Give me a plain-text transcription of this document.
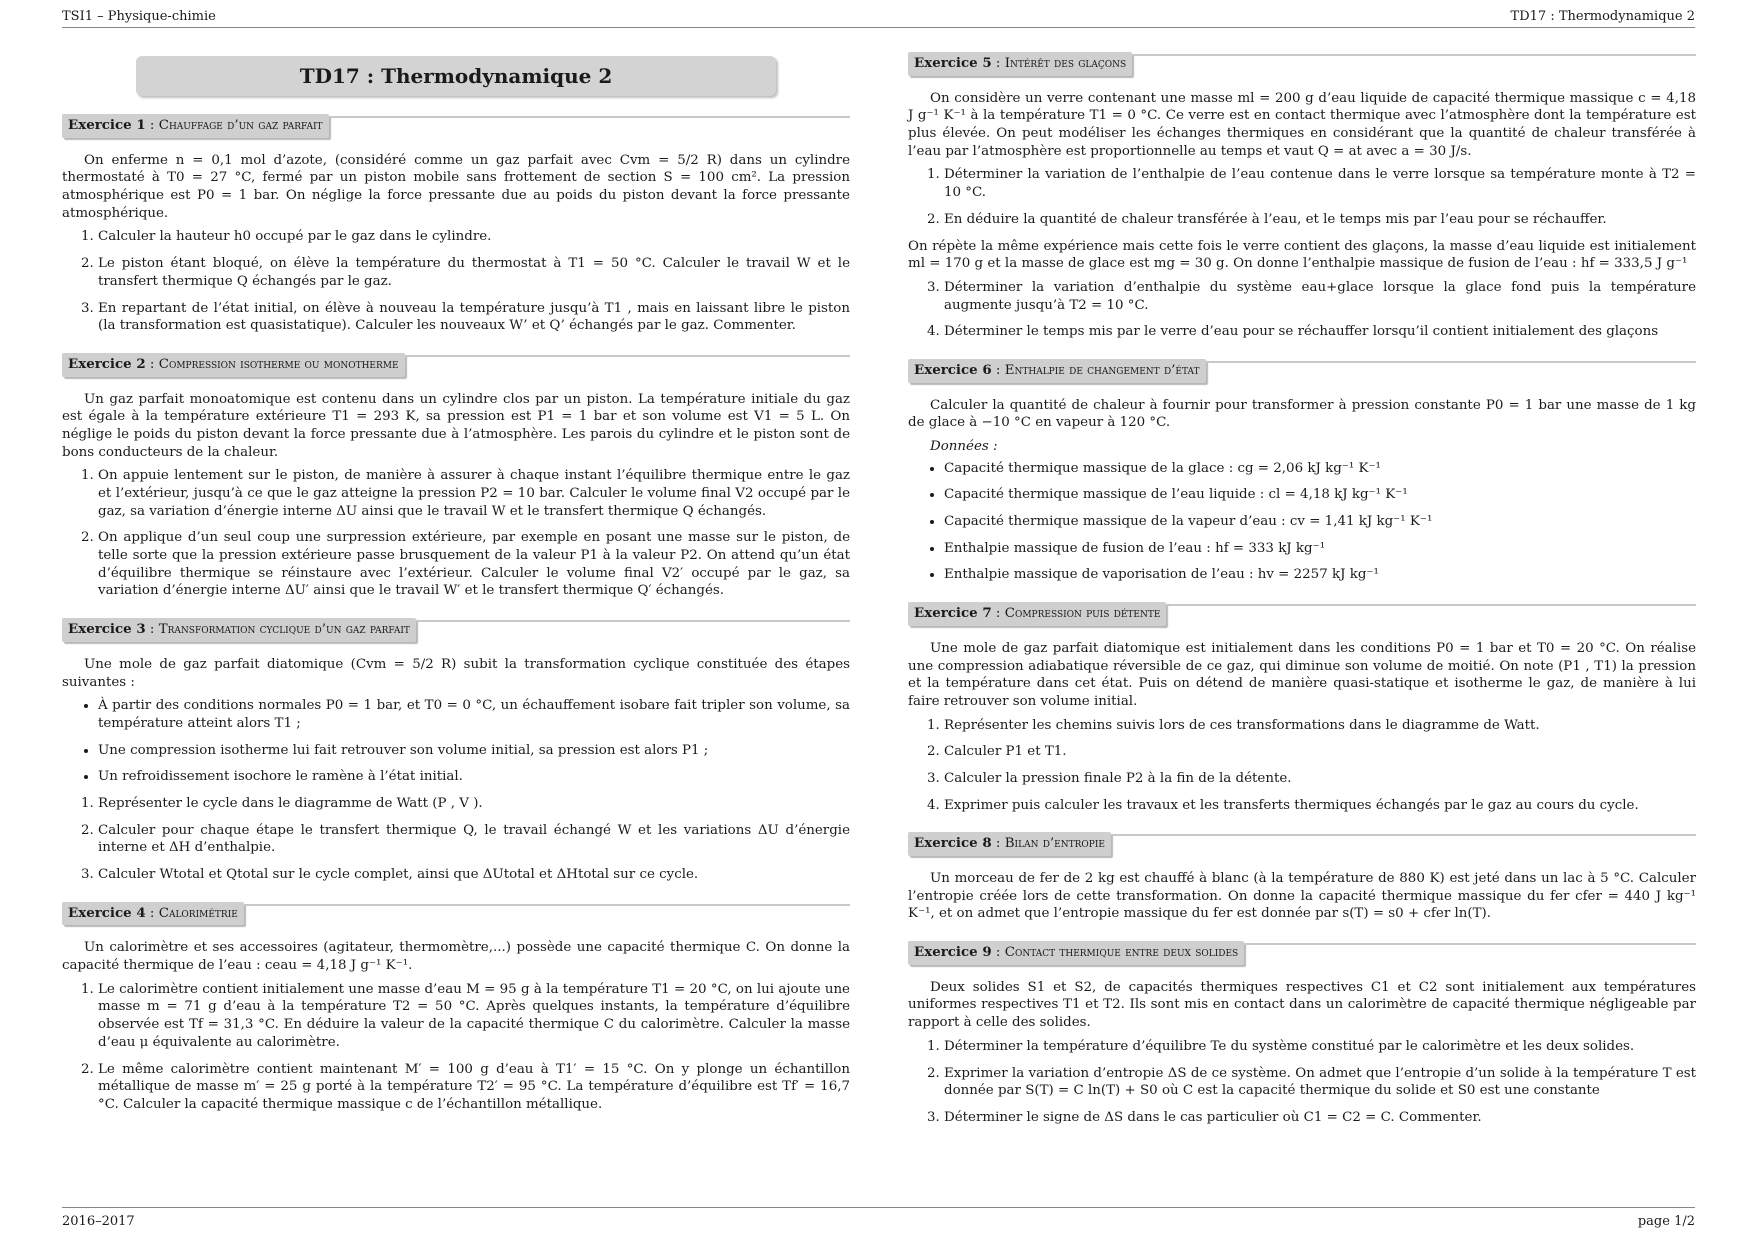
TSI1 – Physique-chimie	TD17 : Thermodynamique 2
TD17 : Thermodynamique 2
Exercice 1 : Chauffage d’un gaz parfait

On enferme n = 0,1 mol d’azote, (considéré comme un gaz parfait avec Cvm = 5/2 R) dans un cylindre thermostaté à T0 = 27 °C, fermé par un piston mobile sans frottement de section S = 100 cm². La pression atmosphérique est P0 = 1 bar. On néglige la force pressante due au poids du piston devant la force pressante atmosphérique.

1. Calculer la hauteur h0 occupé par le gaz dans le cylindre.
2. Le piston étant bloqué, on élève la température du thermostat à T1 = 50 °C. Calculer le travail W et le transfert thermique Q échangés par le gaz.
3. En repartant de l’état initial, on élève à nouveau la température jusqu’à T1 , mais en laissant libre le piston (la transformation est quasistatique). Calculer les nouveaux W’ et Q’ échangés par le gaz. Commenter.
Exercice 2 : Compression isotherme ou monotherme

Un gaz parfait monoatomique est contenu dans un cylindre clos par un piston. La température initiale du gaz est égale à la température extérieure T1 = 293 K, sa pression est P1 = 1 bar et son volume est V1 = 5 L. On néglige le poids du piston devant la force pressante due à l’atmosphère. Les parois du cylindre et le piston sont de bons conducteurs de la chaleur.

1. On appuie lentement sur le piston, de manière à assurer à chaque instant l’équilibre thermique entre le gaz et l’extérieur, jusqu’à ce que le gaz atteigne la pression P2 = 10 bar. Calculer le volume final V2 occupé par le gaz, sa variation d’énergie interne ΔU ainsi que le travail W et le transfert thermique Q échangés.
2. On applique d’un seul coup une surpression extérieure, par exemple en posant une masse sur le piston, de telle sorte que la pression extérieure passe brusquement de la valeur P1 à la valeur P2. On attend qu’un état d’équilibre thermique se réinstaure avec l’extérieur. Calculer le volume final V2′ occupé par le gaz, sa variation d’énergie interne ΔU′ ainsi que le travail W′ et le transfert thermique Q′ échangés.
Exercice 3 : Transformation cyclique d’un gaz parfait

Une mole de gaz parfait diatomique (Cvm = 5/2 R) subit la transformation cyclique constituée des étapes suivantes :

• À partir des conditions normales P0 = 1 bar, et T0 = 0 °C, un échauffement isobare fait tripler son volume, sa température atteint alors T1 ;
• Une compression isotherme lui fait retrouver son volume initial, sa pression est alors P1 ;
• Un refroidissement isochore le ramène à l’état initial.
1. Représenter le cycle dans le diagramme de Watt (P , V ).
2. Calculer pour chaque étape le transfert thermique Q, le travail échangé W et les variations ΔU d’énergie interne et ΔH d’enthalpie.
3. Calculer Wtotal et Qtotal sur le cycle complet, ainsi que ΔUtotal et ΔHtotal sur ce cycle.
Exercice 4 : Calorimétrie

Un calorimètre et ses accessoires (agitateur, thermomètre,...) possède une capacité thermique C. On donne la capacité thermique de l’eau : ceau = 4,18 J g⁻¹ K⁻¹.

1. Le calorimètre contient initialement une masse d’eau M = 95 g à la température T1 = 20 °C, on lui ajoute une masse m = 71 g d’eau à la température T2 = 50 °C. Après quelques instants, la température d’équilibre observée est Tf = 31,3 °C. En déduire la valeur de la capacité thermique C du calorimètre. Calculer la masse d’eau μ équivalente au calorimètre.
2. Le même calorimètre contient maintenant M′ = 100 g d’eau à T1′ = 15 °C. On y plonge un échantillon métallique de masse m′ = 25 g porté à la température T2′ = 95 °C. La température d’équilibre est Tf′ = 16,7 °C. Calculer la capacité thermique massique c de l’échantillon métallique.
Exercice 5 : Intérêt des glaçons

On considère un verre contenant une masse ml = 200 g d’eau liquide de capacité thermique massique c = 4,18 J g⁻¹ K⁻¹ à la température T1 = 0 °C. Ce verre est en contact thermique avec l’atmosphère dont la température est plus élevée. On peut modéliser les échanges thermiques en considérant que la quantité de chaleur transférée à l’eau par l’atmosphère est proportionnelle au temps et vaut Q = at avec a = 30 J/s.

1. Déterminer la variation de l’enthalpie de l’eau contenue dans le verre lorsque sa température monte à T2 = 10 °C.
2. En déduire la quantité de chaleur transférée à l’eau, et le temps mis par l’eau pour se réchauffer.

On répète la même expérience mais cette fois le verre contient des glaçons, la masse d’eau liquide est initialement ml = 170 g et la masse de glace est mg = 30 g. On donne l’enthalpie massique de fusion de l’eau : hf = 333,5 J g⁻¹

3. Déterminer la variation d’enthalpie du système eau+glace lorsque la glace fond puis la température augmente jusqu’à T2 = 10 °C.
4. Déterminer le temps mis par le verre d’eau pour se réchauffer lorsqu’il contient initialement des glaçons
Exercice 6 : Enthalpie de changement d’état

Calculer la quantité de chaleur à fournir pour transformer à pression constante P0 = 1 bar une masse de 1 kg de glace à −10 °C en vapeur à 120 °C.

Données :
• Capacité thermique massique de la glace : cg = 2,06 kJ kg⁻¹ K⁻¹
• Capacité thermique massique de l’eau liquide : cl = 4,18 kJ kg⁻¹ K⁻¹
• Capacité thermique massique de la vapeur d’eau : cv = 1,41 kJ kg⁻¹ K⁻¹
• Enthalpie massique de fusion de l’eau : hf = 333 kJ kg⁻¹
• Enthalpie massique de vaporisation de l’eau : hv = 2257 kJ kg⁻¹
Exercice 7 : Compression puis détente

Une mole de gaz parfait diatomique est initialement dans les conditions P0 = 1 bar et T0 = 20 °C. On réalise une compression adiabatique réversible de ce gaz, qui diminue son volume de moitié. On note (P1 , T1) la pression et la température dans cet état. Puis on détend de manière quasi-statique et isotherme le gaz, de manière à lui faire retrouver son volume initial.

1. Représenter les chemins suivis lors de ces transformations dans le diagramme de Watt.
2. Calculer P1 et T1.
3. Calculer la pression finale P2 à la fin de la détente.
4. Exprimer puis calculer les travaux et les transferts thermiques échangés par le gaz au cours du cycle.
Exercice 8 : Bilan d’entropie

Un morceau de fer de 2 kg est chauffé à blanc (à la température de 880 K) est jeté dans un lac à 5 °C. Calculer l’entropie créée lors de cette transformation. On donne la capacité thermique massique du fer cfer = 440 J kg⁻¹ K⁻¹, et on admet que l’entropie massique du fer est donnée par s(T) = s0 + cfer ln(T).

Exercice 9 : Contact thermique entre deux solides

Deux solides S1 et S2, de capacités thermiques respectives C1 et C2 sont initialement aux températures uniformes respectives T1 et T2. Ils sont mis en contact dans un calorimètre de capacité thermique négligeable par rapport à celle des solides.

1. Déterminer la température d’équilibre Te du système constitué par le calorimètre et les deux solides.
2. Exprimer la variation d’entropie ΔS de ce système. On admet que l’entropie d’un solide à la température T est donnée par S(T) = C ln(T) + S0 où C est la capacité thermique du solide et S0 est une constante
3. Déterminer le signe de ΔS dans le cas particulier où C1 = C2 = C. Commenter.
2016–2017	page 1/2
